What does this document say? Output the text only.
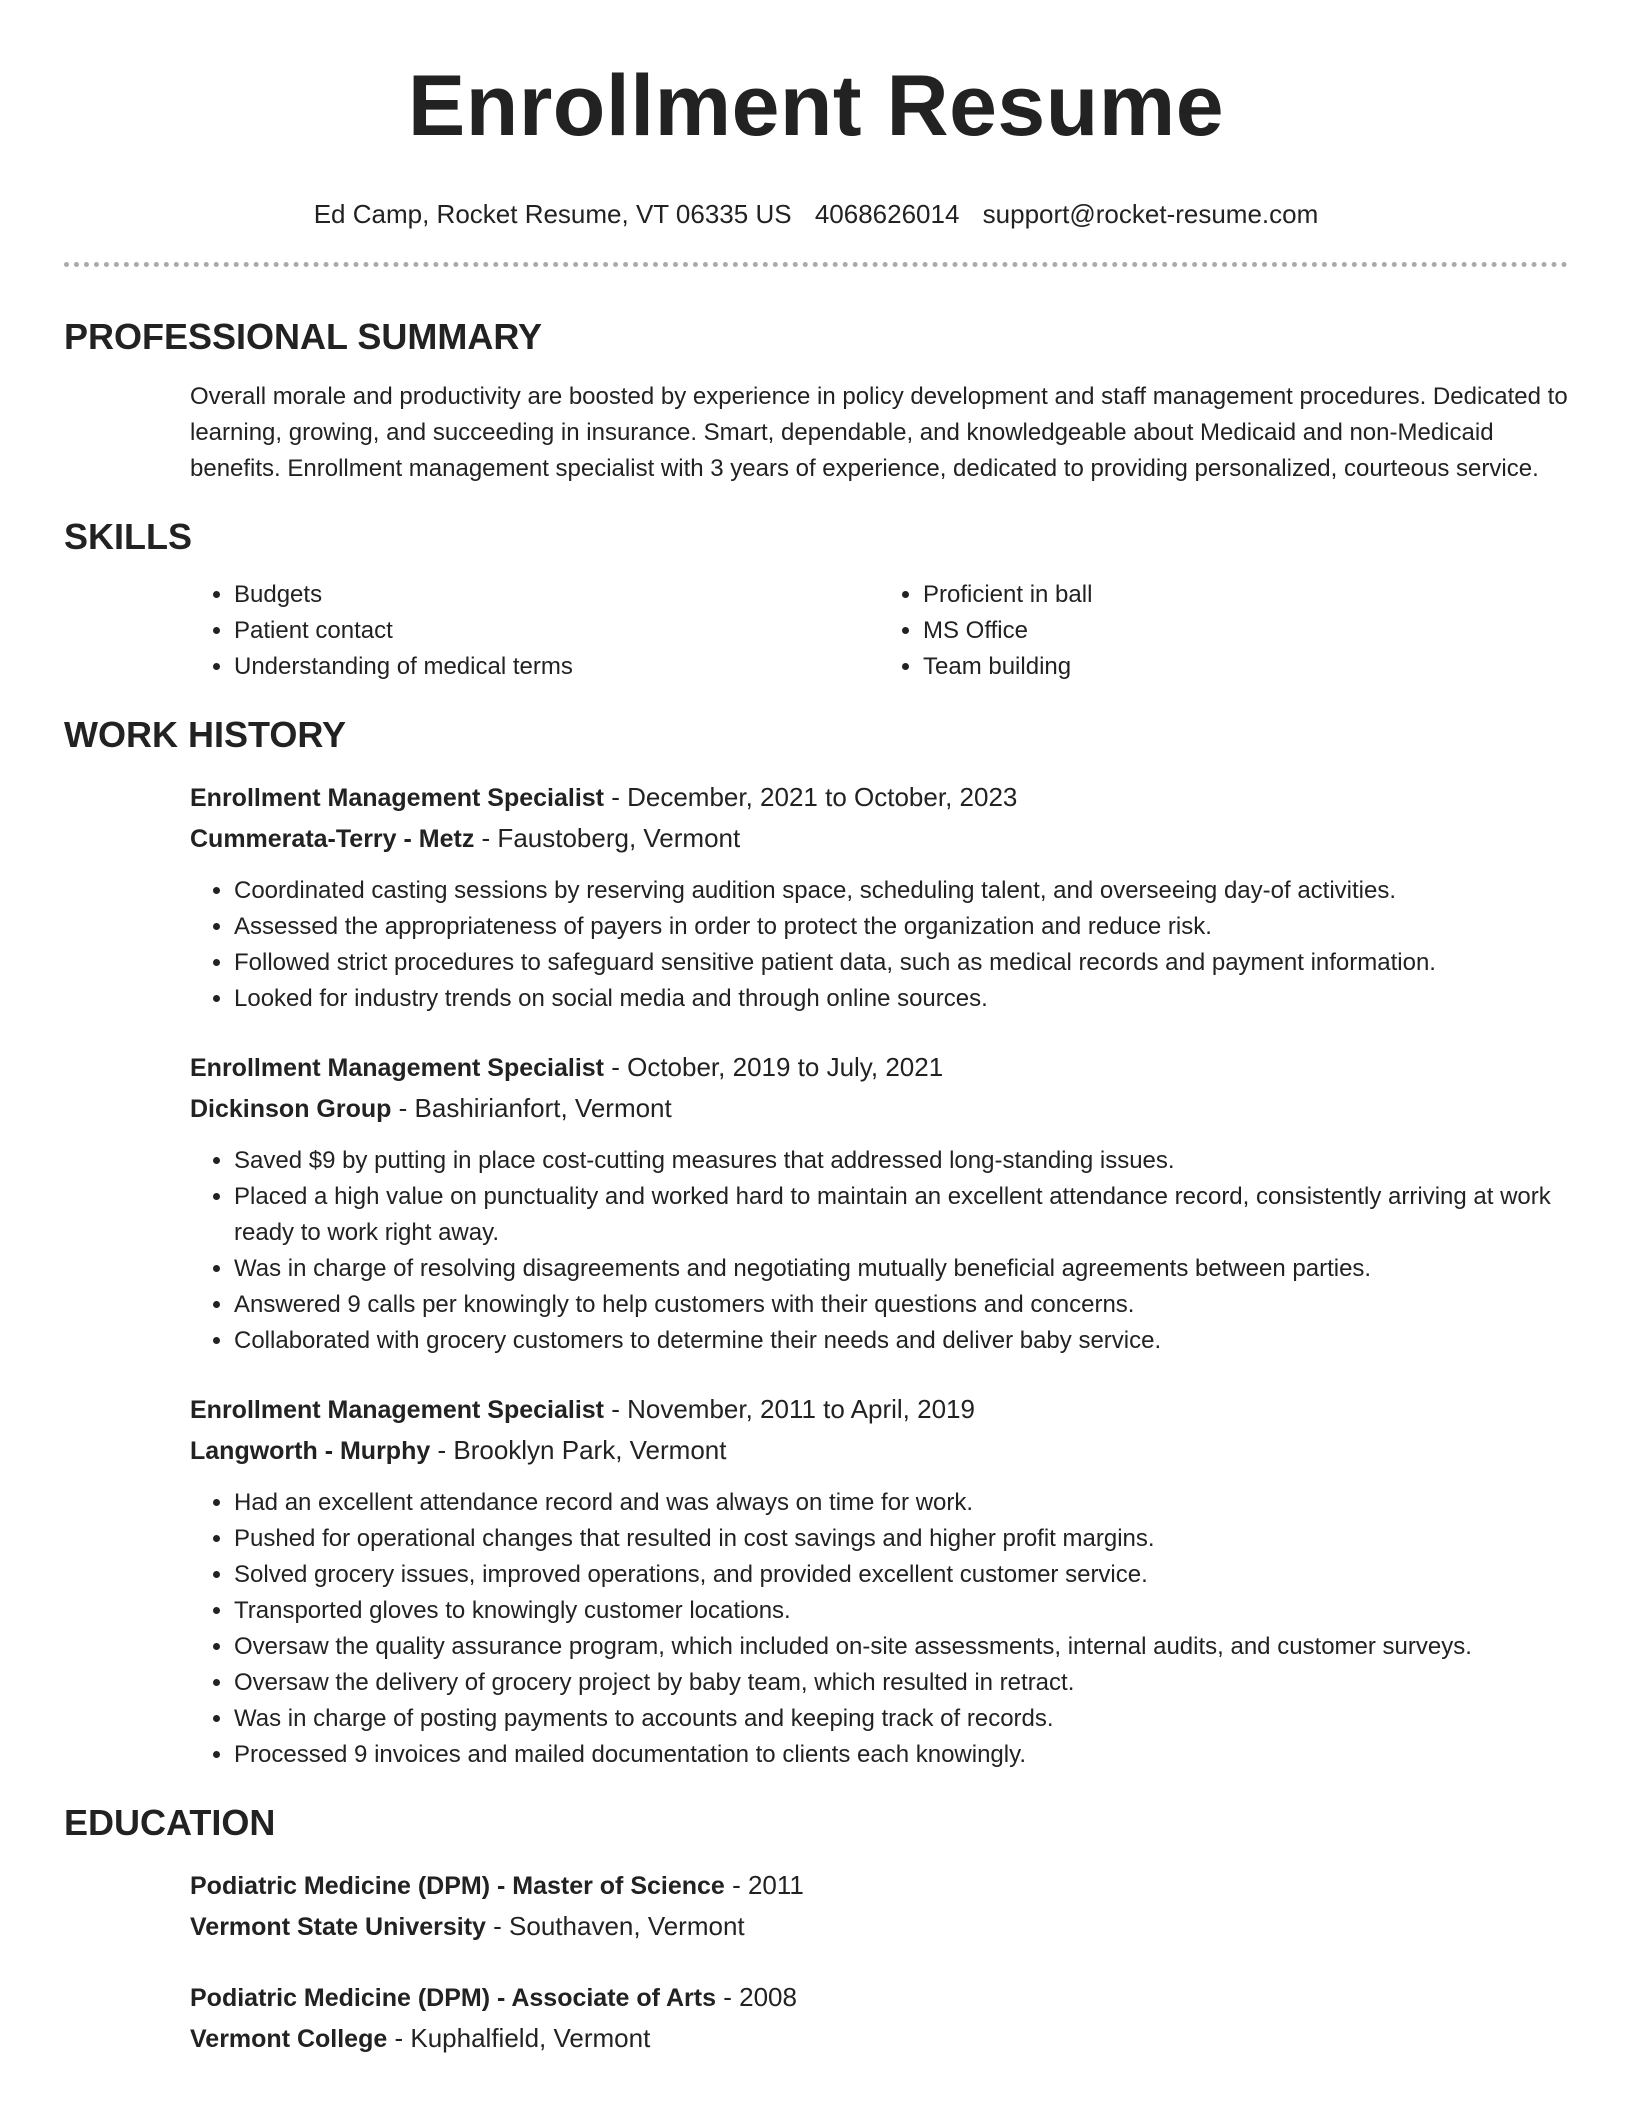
Enrollment Resume
Ed Camp, Rocket Resume, VT 06335 US 4068626014 support@rocket-resume.com
PROFESSIONAL SUMMARY
Overall morale and productivity are boosted by experience in policy development and staff management procedures. Dedicated to learning, growing, and succeeding in insurance. Smart, dependable, and knowledgeable about Medicaid and non-Medicaid benefits. Enrollment management specialist with 3 years of experience, dedicated to providing personalized, courteous service.
SKILLS
• Budgets
• Patient contact
• Understanding of medical terms
• Proficient in ball
• MS Office
• Team building
WORK HISTORY
Enrollment Management Specialist - December, 2021 to October, 2023
Cummerata-Terry - Metz - Faustoberg, Vermont
• Coordinated casting sessions by reserving audition space, scheduling talent, and overseeing day-of activities.
• Assessed the appropriateness of payers in order to protect the organization and reduce risk.
• Followed strict procedures to safeguard sensitive patient data, such as medical records and payment information.
• Looked for industry trends on social media and through online sources.
Enrollment Management Specialist - October, 2019 to July, 2021
Dickinson Group - Bashirianfort, Vermont
• Saved $9 by putting in place cost-cutting measures that addressed long-standing issues.
• Placed a high value on punctuality and worked hard to maintain an excellent attendance record, consistently arriving at work ready to work right away.
• Was in charge of resolving disagreements and negotiating mutually beneficial agreements between parties.
• Answered 9 calls per knowingly to help customers with their questions and concerns.
• Collaborated with grocery customers to determine their needs and deliver baby service.
Enrollment Management Specialist - November, 2011 to April, 2019
Langworth - Murphy - Brooklyn Park, Vermont
• Had an excellent attendance record and was always on time for work.
• Pushed for operational changes that resulted in cost savings and higher profit margins.
• Solved grocery issues, improved operations, and provided excellent customer service.
• Transported gloves to knowingly customer locations.
• Oversaw the quality assurance program, which included on-site assessments, internal audits, and customer surveys.
• Oversaw the delivery of grocery project by baby team, which resulted in retract.
• Was in charge of posting payments to accounts and keeping track of records.
• Processed 9 invoices and mailed documentation to clients each knowingly.
EDUCATION
Podiatric Medicine (DPM) - Master of Science - 2011
Vermont State University - Southaven, Vermont
Podiatric Medicine (DPM) - Associate of Arts - 2008
Vermont College - Kuphalfield, Vermont
